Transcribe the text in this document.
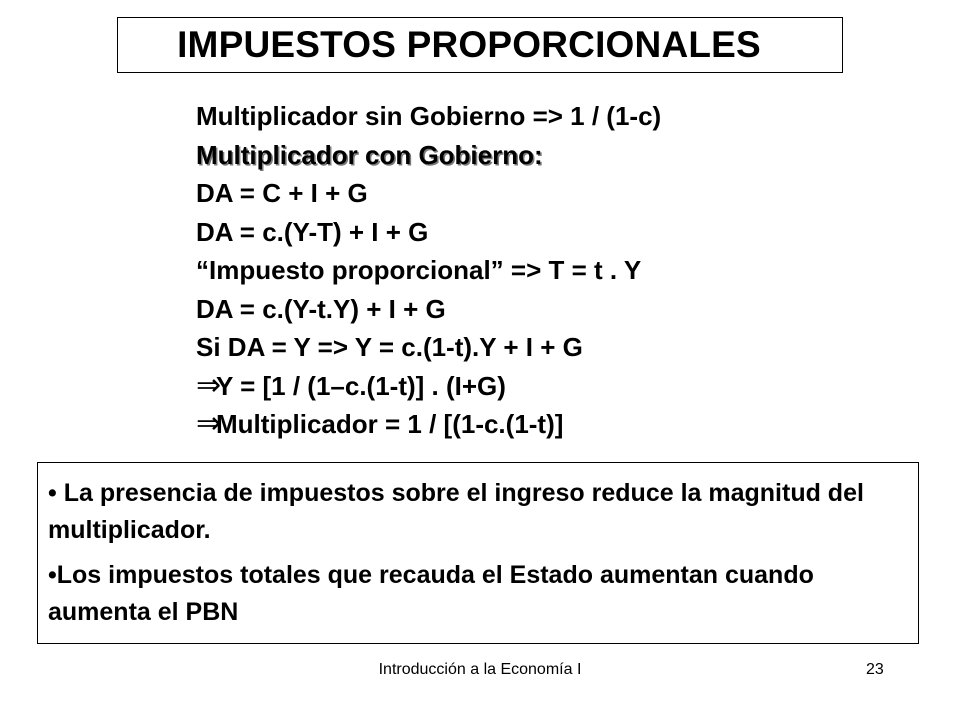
IMPUESTOS PROPORCIONALES
Multiplicador sin Gobierno => 1 / (1-c)
Multiplicador con Gobierno:
DA = C + I + G
DA = c.(Y-T) + I + G
“Impuesto proporcional” => T = t . Y
DA = c.(Y-t.Y) + I + G
Si DA = Y => Y = c.(1-t).Y + I + G
⇒
Y = [1 / (1–c.(1-t)] . (I+G)
⇒
Multiplicador = 1 / [(1-c.(1-t)]

• La presencia de impuestos sobre el ingreso reduce la magnitud del multiplicador.

•Los impuestos totales que recauda el Estado aumentan cuando aumenta el PBN

Introducción a la Economía I	23
